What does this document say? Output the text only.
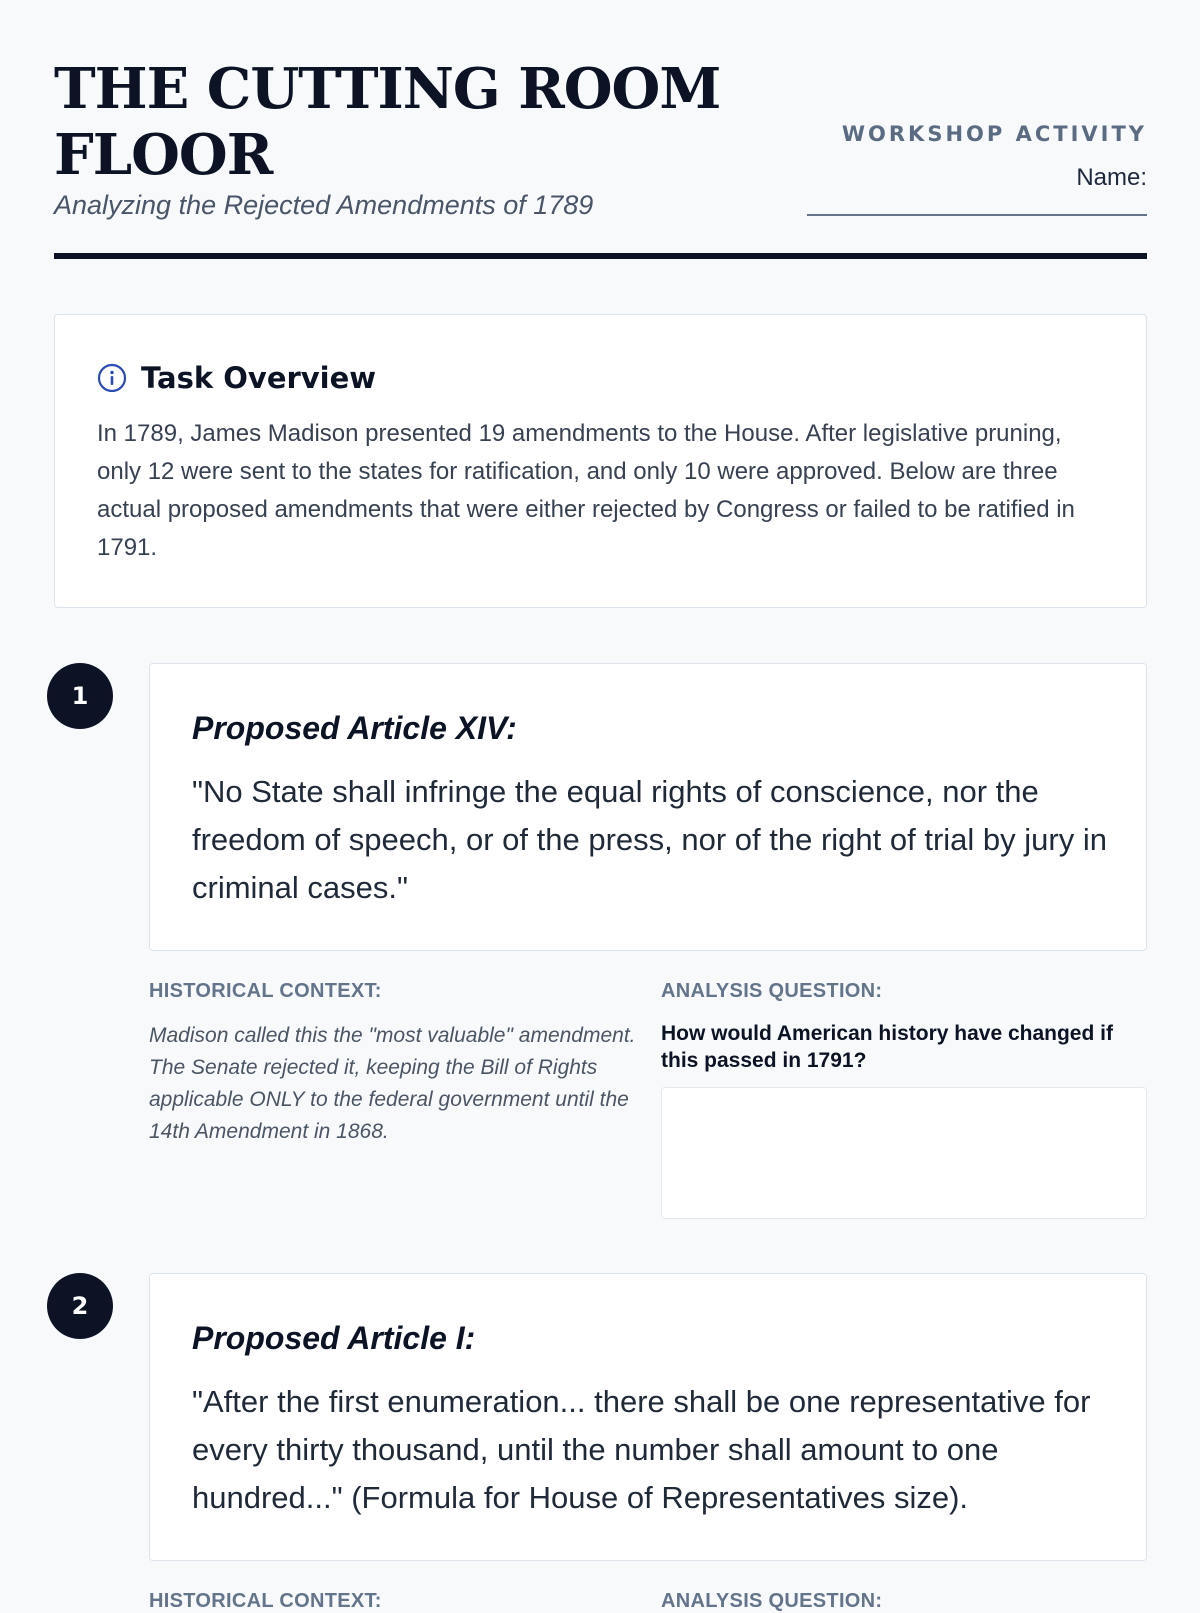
THE CUTTING ROOM FLOOR
Analyzing the Rejected Amendments of 1789
WORKSHOP ACTIVITY
Name:
Task Overview
In 1789, James Madison presented 19 amendments to the House. After legislative pruning, only 12 were sent to the states for ratification, and only 10 were approved. Below are three actual proposed amendments that were either rejected by Congress or failed to be ratified in 1791.
1
Proposed Article XIV:
"No State shall infringe the equal rights of conscience, nor the freedom of speech, or of the press, nor of the right of trial by jury in criminal cases."
HISTORICAL CONTEXT:	ANALYSIS QUESTION:
Madison called this the "most valuable" amendment. The Senate rejected it, keeping the Bill of Rights applicable ONLY to the federal government until the 14th Amendment in 1868.
How would American history have changed if this passed in 1791?
2
Proposed Article I:
"After the first enumeration... there shall be one representative for every thirty thousand, until the number shall amount to one hundred..." (Formula for House of Representatives size).
HISTORICAL CONTEXT:	ANALYSIS QUESTION:
